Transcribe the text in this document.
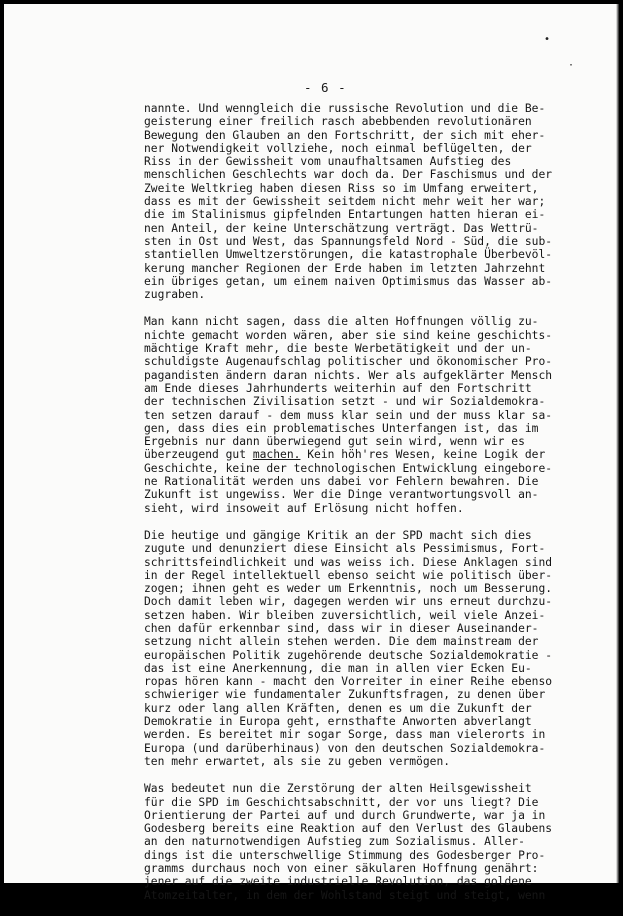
•
·
- 6 -
nannte. Und wenngleich die russische Revolution und die Be-
geisterung einer freilich rasch abebbenden revolutionären
Bewegung den Glauben an den Fortschritt, der sich mit eher-
ner Notwendigkeit vollziehe, noch einmal beflügelten, der
Riss in der Gewissheit vom unaufhaltsamen Aufstieg des
menschlichen Geschlechts war doch da. Der Faschismus und der
Zweite Weltkrieg haben diesen Riss so im Umfang erweitert,
dass es mit der Gewissheit seitdem nicht mehr weit her war;
die im Stalinismus gipfelnden Entartungen hatten hieran ei-
nen Anteil, der keine Unterschätzung verträgt. Das Wettrü-
sten in Ost und West, das Spannungsfeld Nord - Süd, die sub-
stantiellen Umweltzerstörungen, die katastrophale Überbevöl-
kerung mancher Regionen der Erde haben im letzten Jahrzehnt
ein übriges getan, um einem naiven Optimismus das Wasser ab-
zugraben.
Man kann nicht sagen, dass die alten Hoffnungen völlig zu-
nichte gemacht worden wären, aber sie sind keine geschichts-
mächtige Kraft mehr, die beste Werbetätigkeit und der un-
schuldigste Augenaufschlag politischer und ökonomischer Pro-
pagandisten ändern daran nichts. Wer als aufgeklärter Mensch
am Ende dieses Jahrhunderts weiterhin auf den Fortschritt
der technischen Zivilisation setzt - und wir Sozialdemokra-
ten setzen darauf - dem muss klar sein und der muss klar sa-
gen, dass dies ein problematisches Unterfangen ist, das im
Ergebnis nur dann überwiegend gut sein wird, wenn wir es
überzeugend gut machen. Kein höh'res Wesen, keine Logik der
Geschichte, keine der technologischen Entwicklung eingebore-
ne Rationalität werden uns dabei vor Fehlern bewahren. Die
Zukunft ist ungewiss. Wer die Dinge verantwortungsvoll an-
sieht, wird insoweit auf Erlösung nicht hoffen.
Die heutige und gängige Kritik an der SPD macht sich dies
zugute und denunziert diese Einsicht als Pessimismus, Fort-
schrittsfeindlichkeit und was weiss ich. Diese Anklagen sind
in der Regel intellektuell ebenso seicht wie politisch über-
zogen; ihnen geht es weder um Erkenntnis, noch um Besserung.
Doch damit leben wir, dagegen werden wir uns erneut durchzu-
setzen haben. Wir bleiben zuversichtlich, weil viele Anzei-
chen dafür erkennbar sind, dass wir in dieser Auseinander-
setzung nicht allein stehen werden. Die dem mainstream der
europäischen Politik zugehörende deutsche Sozialdemokratie -
das ist eine Anerkennung, die man in allen vier Ecken Eu-
ropas hören kann - macht den Vorreiter in einer Reihe ebenso
schwieriger wie fundamentaler Zukunftsfragen, zu denen über
kurz oder lang allen Kräften, denen es um die Zukunft der
Demokratie in Europa geht, ernsthafte Anworten abverlangt
werden. Es bereitet mir sogar Sorge, dass man vielerorts in
Europa (und darüberhinaus) von den deutschen Sozialdemokra-
ten mehr erwartet, als sie zu geben vermögen.
Was bedeutet nun die Zerstörung der alten Heilsgewissheit
für die SPD im Geschichtsabschnitt, der vor uns liegt? Die
Orientierung der Partei auf und durch Grundwerte, war ja in
Godesberg bereits eine Reaktion auf den Verlust des Glaubens
an den naturnotwendigen Aufstieg zum Sozialismus. Aller-
dings ist die unterschwellige Stimmung des Godesberger Pro-
gramms durchaus noch von einer säkularen Hoffnung genährt:
jener auf die zweite industrielle Revolution, das goldene
Atomzeitalter, in dem der Wohlstand steigt und steigt, wenn
